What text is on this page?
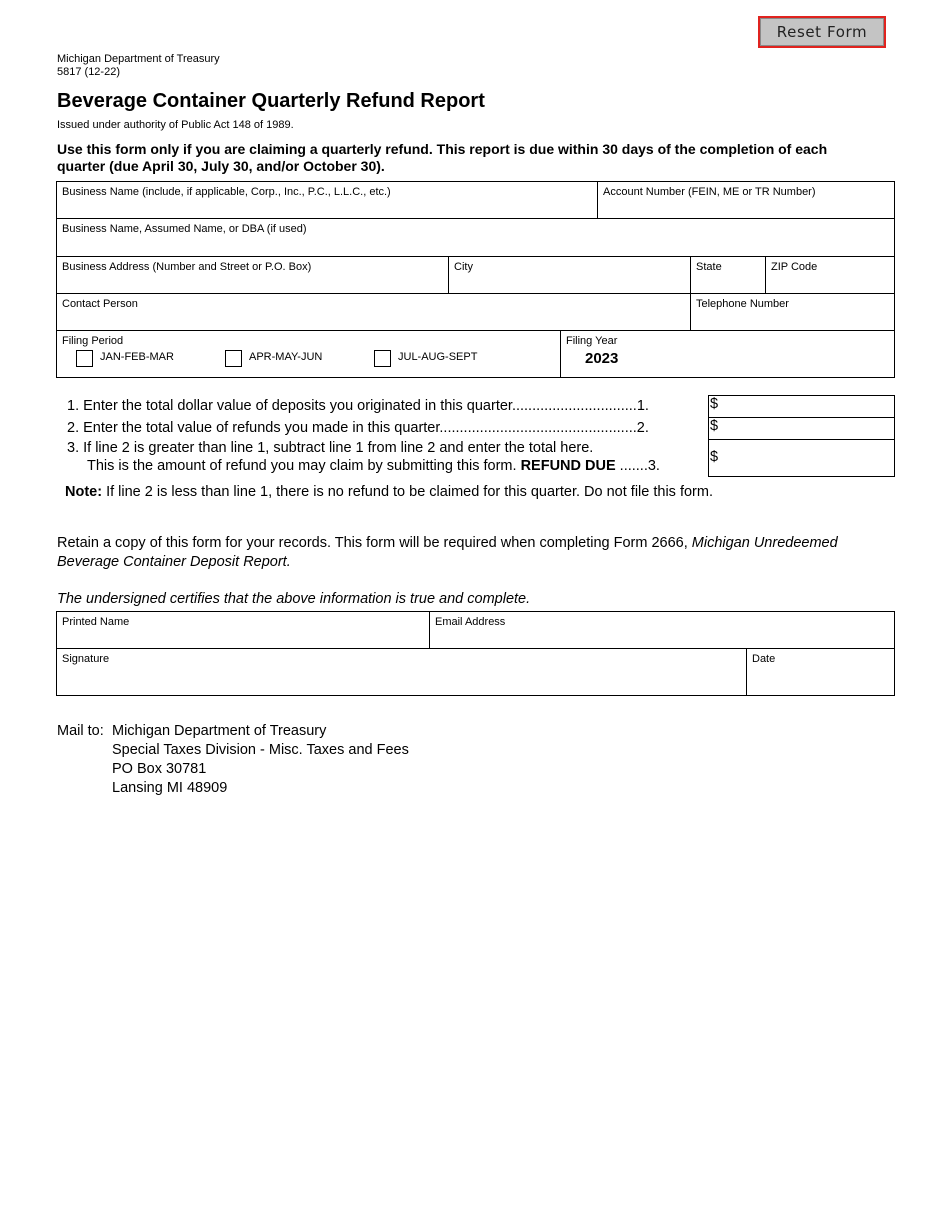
Reset Form
Michigan Department of Treasury
5817 (12-22)
Beverage Container Quarterly Refund Report
Issued under authority of Public Act 148 of 1989.
Use this form only if you are claiming a quarterly refund. This report is due within 30 days of the completion of each
quarter (due April 30, July 30, and/or October 30).
Business Name (include, if applicable, Corp., Inc., P.C., L.L.C., etc.)	Account Number (FEIN, ME or TR Number)
Business Name, Assumed Name, or DBA (if used)
Business Address (Number and Street or P.O. Box)	City	State	ZIP Code
Contact Person	Telephone Number
Filing Period
JAN-FEB-MAR	APR-MAY-JUN	JUL-AUG-SEPT
Filing Year
2023
1. Enter the total dollar value of deposits you originated in this quarter...............................1.	$
2. Enter the total value of refunds you made in this quarter.................................................2.	$
3. If line 2 is greater than line 1, subtract line 1 from line 2 and enter the total here.
This is the amount of refund you may claim by submitting this form. REFUND DUE .......3.
$
Note: If line 2 is less than line 1, there is no refund to be claimed for this quarter. Do not file this form.
Retain a copy of this form for your records. This form will be required when completing Form 2666, Michigan Unredeemed
Beverage Container Deposit Report.
The undersigned certifies that the above information is true and complete.
Printed Name	Email Address
Signature	Date
Mail to: Michigan Department of Treasury
Special Taxes Division - Misc. Taxes and Fees
PO Box 30781
Lansing MI 48909
